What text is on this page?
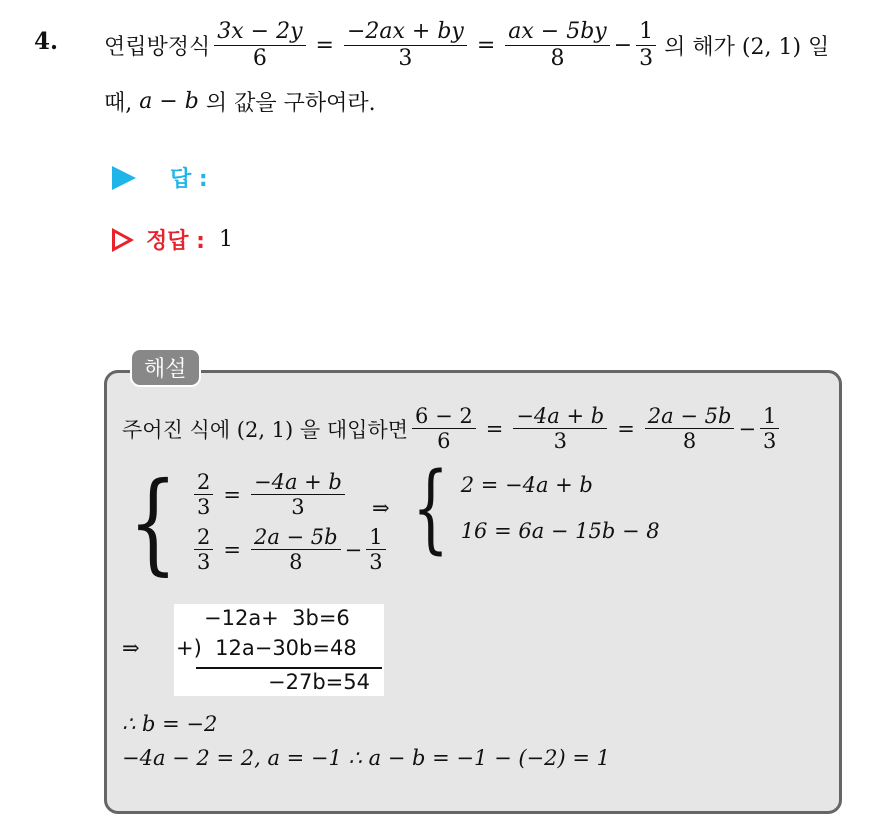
4. 연립방정식 $\frac{3x - 2y}{6} = \frac{-2ax + by}{3} = \frac{ax - 5by}{8} - \frac{1}{3}$ 의 해가 (2, 1) 일
때,
a − b
의 값을 구하여라.
답 :
정답 : 1
해설
주어진 식에 (2, 1) 을 대입하면 $\frac{6 - 2}{6} = \frac{-4a + b}{3} = \frac{2a - 5b}{8} - \frac{1}{3}$
{ $\frac{2}{3} = \frac{-4a + b}{3}$
$\frac{2}{3} = \frac{2a - 5b}{8} - \frac{1}{3}$
⇒ { 2 = −4a + b
16 = 6a − 15b − 8
⇒
−12a+  3b=6
+)  12a−30b=48
−27b=54
∴ b = −2
−4a − 2 = 2, a = −1 ∴ a − b = −1 − (−2) = 1
